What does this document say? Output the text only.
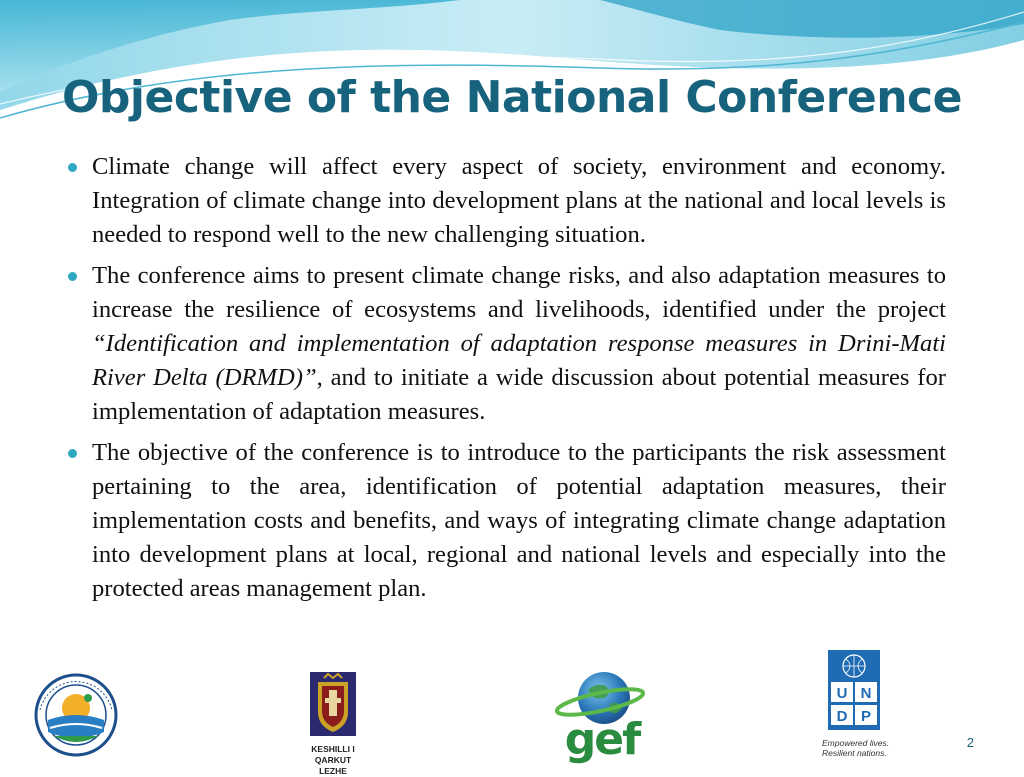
Objective of the National Conference
Climate change will affect every aspect of society, environment and economy. Integration of climate change into development plans at the national and local levels is needed to respond well to the new challenging situation.
The conference aims to present climate change risks, and also adaptation measures to increase the resilience of ecosystems and livelihoods, identified under the project “Identification and implementation of adaptation response measures in Drini-Mati River Delta (DRMD)”, and to initiate a wide discussion about potential measures for implementation of adaptation measures.
The objective of the conference is to introduce to the participants the risk assessment pertaining to the area, identification of potential adaptation measures, their implementation costs and benefits, and ways of integrating climate change adaptation into development plans at local, regional and national levels and especially into the protected areas management plan.
KESHILLI I
QARKUT LEZHE
gef
U N
D P
Empowered lives.
Resilient nations.
2
